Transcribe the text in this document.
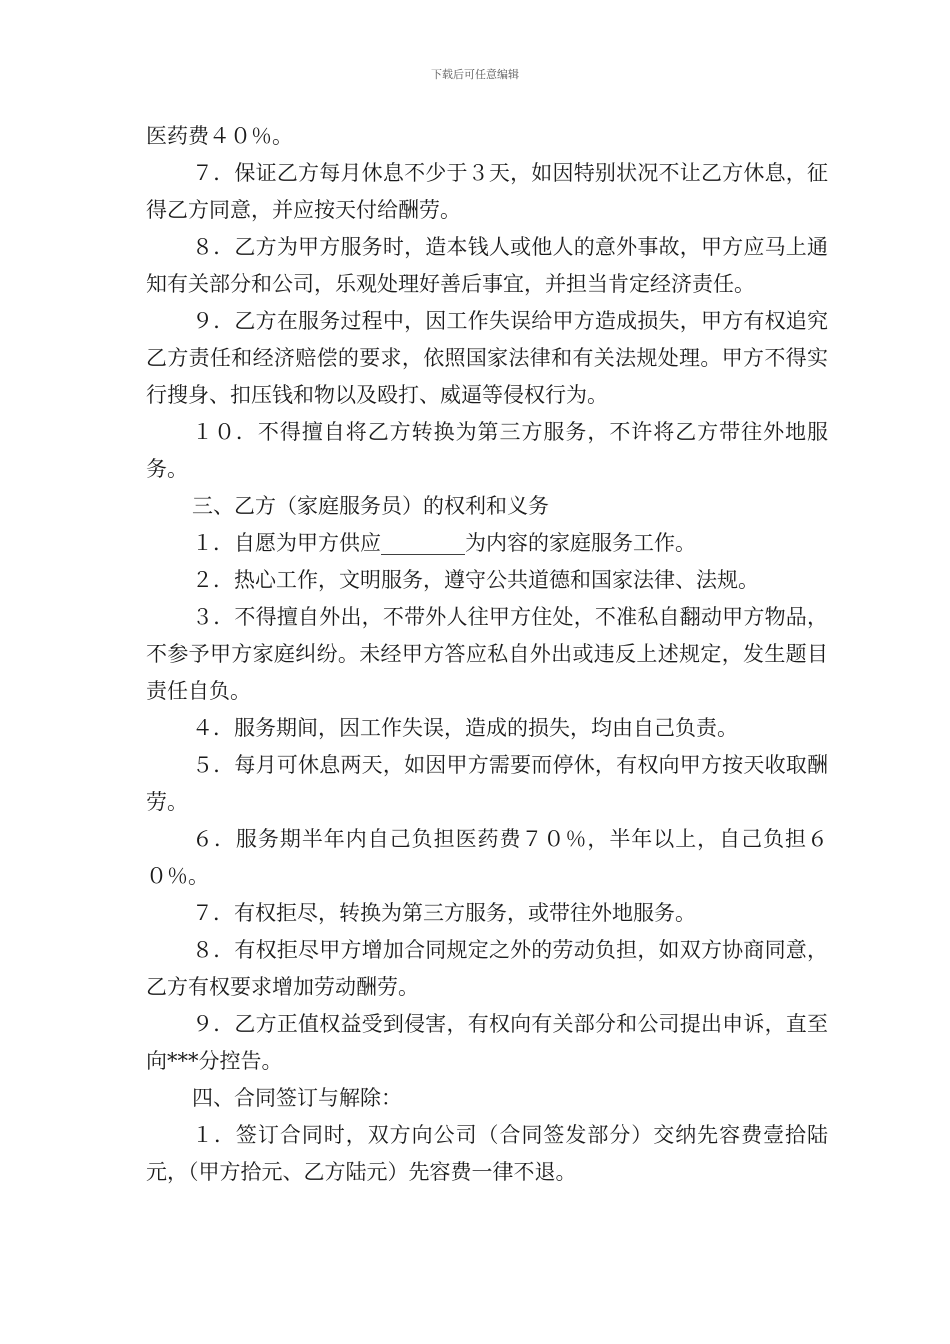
下载后可任意编辑

医药费４０％。

７．保证乙方每月休息不少于３天，如因特别状况不让乙方休息，征得乙方同意，并应按天付给酬劳。

８．乙方为甲方服务时，造本钱人或他人的意外事故，甲方应马上通知有关部分和公司，乐观处理好善后事宜，并担当肯定经济责任。

９．乙方在服务过程中，因工作失误给甲方造成损失，甲方有权追究乙方责任和经济赔偿的要求，依照国家法律和有关法规处理。甲方不得实行搜身、扣压钱和物以及殴打、威逼等侵权行为。

１０．不得擅自将乙方转换为第三方服务，不许将乙方带往外地服务。

三、乙方（家庭服务员）的权利和义务

１．自愿为甲方供应________为内容的家庭服务工作。

２．热心工作，文明服务，遵守公共道德和国家法律、法规。

３．不得擅自外出，不带外人往甲方住处，不准私自翻动甲方物品，不参予甲方家庭纠纷。未经甲方答应私自外出或违反上述规定，发生题目责任自负。

４．服务期间，因工作失误，造成的损失，均由自己负责。

５．每月可休息两天，如因甲方需要而停休，有权向甲方按天收取酬劳。

６．服务期半年内自己负担医药费７０％，半年以上，自己负担６０％。

７．有权拒尽，转换为第三方服务，或带往外地服务。

８．有权拒尽甲方增加合同规定之外的劳动负担，如双方协商同意，乙方有权要求增加劳动酬劳。

９．乙方正值权益受到侵害，有权向有关部分和公司提出申诉，直至向***分控告。

四、合同签订与解除：

１．签订合同时，双方向公司（合同签发部分）交纳先容费壹拾陆元，（甲方拾元、乙方陆元）先容费一律不退。
